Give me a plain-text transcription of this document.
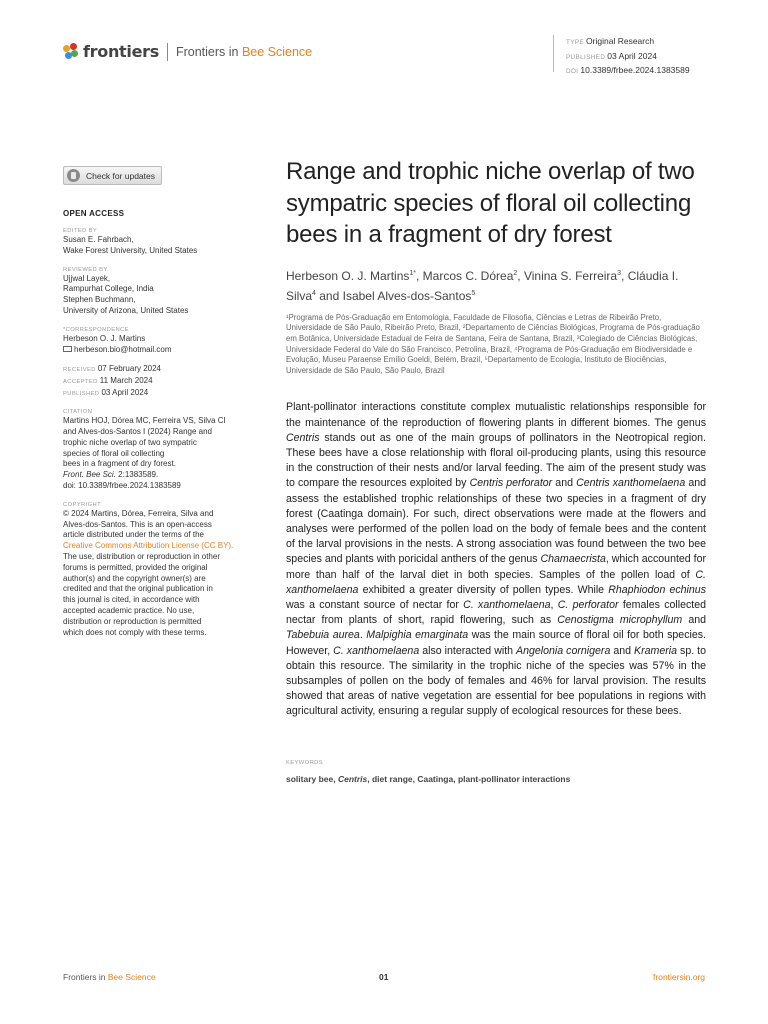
frontiers Frontiers in Bee Science
TYPE Original Research
PUBLISHED 03 April 2024
DOI 10.3389/frbee.2024.1383589
Check for updates
OPEN ACCESS
EDITED BY
Susan E. Fahrbach,
Wake Forest University, United States
REVIEWED BY
Ujjwal Layek,
Rampurhat College, India
Stephen Buchmann,
University of Arizona, United States
*CORRESPONDENCE
Herbeson O. J. Martins
herbeson.bio@hotmail.com
RECEIVED 07 February 2024
ACCEPTED 11 March 2024
PUBLISHED 03 April 2024
CITATION
Martins HOJ, Dórea MC, Ferreira VS, Silva CI
and Alves-dos-Santos I (2024) Range and
trophic niche overlap of two sympatric
species of floral oil collecting
bees in a fragment of dry forest.
Front. Bee Sci. 2:1383589.
doi: 10.3389/frbee.2024.1383589
COPYRIGHT
© 2024 Martins, Dórea, Ferreira, Silva and
Alves-dos-Santos. This is an open-access
article distributed under the terms of the
Creative Commons Attribution License (CC BY).
The use, distribution or reproduction in other
forums is permitted, provided the original
author(s) and the copyright owner(s) are
credited and that the original publication in
this journal is cited, in accordance with
accepted academic practice. No use,
distribution or reproduction is permitted
which does not comply with these terms.
Range and trophic niche overlap of two sympatric species of floral oil collecting bees in a fragment of dry forest
Herbeson O. J. Martins$^{1*}$, Marcos C. Dórea$^2$, Vinina S. Ferreira$^3$, Cláudia I. Silva$^4$ and Isabel Alves-dos-Santos$^5$
¹Programa de Pós-Graduação em Entomologia, Faculdade de Filosofia, Ciências e Letras de Ribeirão Preto, Universidade de São Paulo, Ribeirão Preto, Brazil, ²Departamento de Ciências Biológicas, Programa de Pós-graduação em Botânica, Universidade Estadual de Feira de Santana, Feira de Santana, Brazil, ³Colegiado de Ciências Biológicas, Universidade Federal do Vale do São Francisco, Petrolina, Brazil, ⁴Programa de Pós-Graduação em Biodiversidade e Evolução, Museu Paraense Emílio Goeldi, Belém, Brazil, ⁵Departamento de Ecologia, Instituto de Biociências, Universidade de São Paulo, São Paulo, Brazil

Plant-pollinator interactions constitute complex mutualistic relationships responsible for the maintenance of the reproduction of flowering plants in different biomes. The genus Centris stands out as one of the main groups of pollinators in the Neotropical region. These bees have a close relationship with floral oil-producing plants, using this resource in the construction of their nests and/or larval feeding. The aim of the present study was to compare the resources exploited by Centris perforator and Centris xanthomelaena and assess the established trophic relationships of these two species in a fragment of dry forest (Caatinga domain). For such, direct observations were made at the flowers and analyses were performed of the pollen load on the body of female bees and the content of the larval provisions in the nests. A strong association was found between the two bee species and plants with poricidal anthers of the genus Chamaecrista, which accounted for more than half of the larval diet in both species. Samples of the pollen load of C. xanthomelaena exhibited a greater diversity of pollen types. While Rhaphiodon echinus was a constant source of nectar for C. xanthomelaena, C. perforator females collected nectar from plants of short, rapid flowering, such as Cenostigma microphyllum and Tabebuia aurea. Malpighia emarginata was the main source of floral oil for both species. However, C. xanthomelaena also interacted with Angelonia cornigera and Krameria sp. to obtain this resource. The similarity in the trophic niche of the species was 57% in the subsamples of pollen on the body of females and 46% for larval provision. The results showed that areas of native vegetation are essential for bee populations in regions with agricultural activity, ensuring a regular supply of ecological resources for these bees.

KEYWORDS
solitary bee, Centris, diet range, Caatinga, plant-pollinator interactions
Frontiers in Bee Science	01	frontiersin.org
